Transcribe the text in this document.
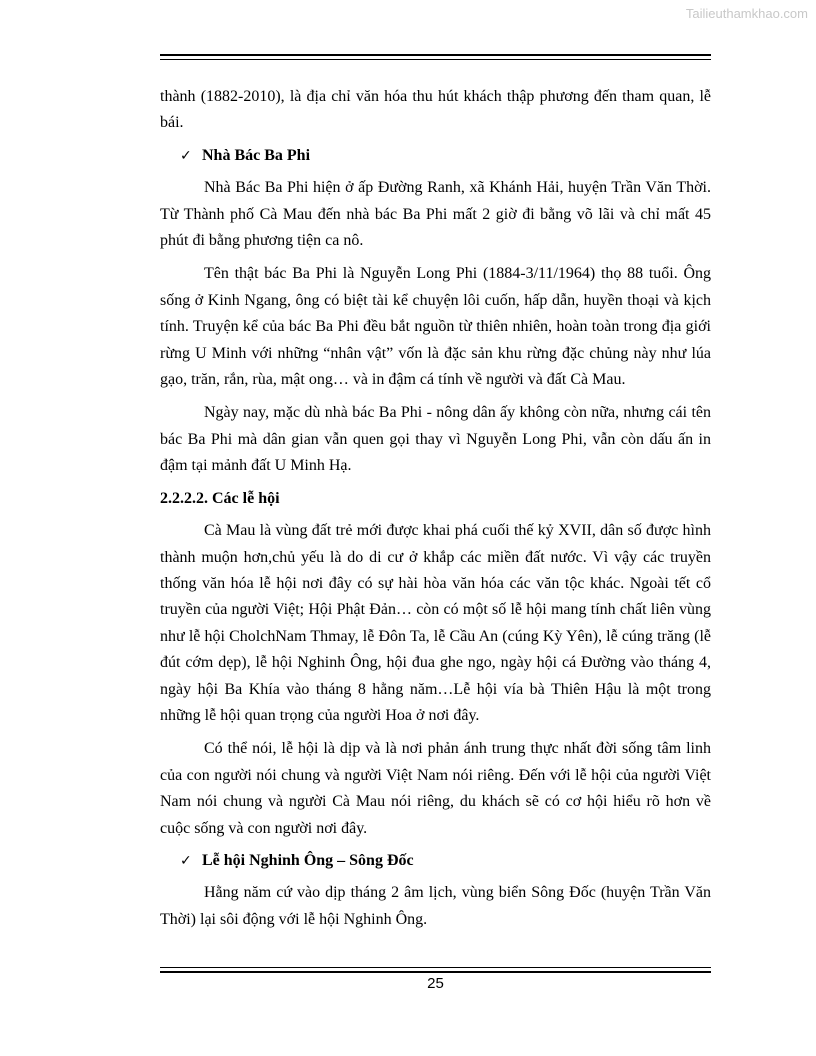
Tailieuthamkhao.com

thành (1882-2010), là địa chỉ văn hóa thu hút khách thập phương đến tham quan, lễ bái.

✓ Nhà Bác Ba Phi

Nhà Bác Ba Phi hiện ở ấp Đường Ranh, xã Khánh Hải, huyện Trần Văn Thời. Từ Thành phố Cà Mau đến nhà bác Ba Phi mất 2 giờ đi bằng võ lãi và chỉ mất 45 phút đi bằng phương tiện ca nô.

Tên thật bác Ba Phi là Nguyễn Long Phi (1884-3/11/1964) thọ 88 tuổi. Ông sống ở Kinh Ngang, ông có biệt tài kể chuyện lôi cuốn, hấp dẫn, huyền thoại và kịch tính. Truyện kể của bác Ba Phi đều bắt nguồn từ thiên nhiên, hoàn toàn trong địa giới rừng U Minh với những “nhân vật” vốn là đặc sản khu rừng đặc chủng này như lúa gạo, trăn, rắn, rùa, mật ong… và in đậm cá tính về người và đất Cà Mau.

Ngày nay, mặc dù nhà bác Ba Phi - nông dân ấy không còn nữa, nhưng cái tên bác Ba Phi mà dân gian vẫn quen gọi thay vì Nguyễn Long Phi, vẫn còn dấu ấn in đậm tại mảnh đất U Minh Hạ.

2.2.2.2. Các lễ hội

Cà Mau là vùng đất trẻ mới được khai phá cuối thế kỷ XVII, dân số được hình thành muộn hơn,chủ yếu là do di cư ở khắp các miền đất nước. Vì vậy các truyền thống văn hóa lễ hội nơi đây có sự hài hòa văn hóa các văn tộc khác. Ngoài tết cổ truyền của người Việt; Hội Phật Đản… còn có một số lễ hội mang tính chất liên vùng như lễ hội CholchNam Thmay, lễ Đôn Ta, lễ Cầu An (cúng Kỳ Yên), lễ cúng trăng (lễ đút cớm dẹp), lễ hội Nghinh Ông, hội đua ghe ngo, ngày hội cá Đường vào tháng 4, ngày hội Ba Khía vào tháng 8 hằng năm…Lễ hội vía bà Thiên Hậu là một trong những lễ hội quan trọng của người Hoa ở nơi đây.

Có thể nói, lễ hội là dịp và là nơi phản ánh trung thực nhất đời sống tâm linh của con người nói chung và người Việt Nam nói riêng. Đến với lễ hội của người Việt Nam nói chung và người Cà Mau nói riêng, du khách sẽ có cơ hội hiểu rõ hơn về cuộc sống và con người nơi đây.

✓ Lễ hội Nghinh Ông – Sông Đốc

Hằng năm cứ vào dịp tháng 2 âm lịch, vùng biển Sông Đốc (huyện Trần Văn Thời) lại sôi động với lễ hội Nghinh Ông.

25
